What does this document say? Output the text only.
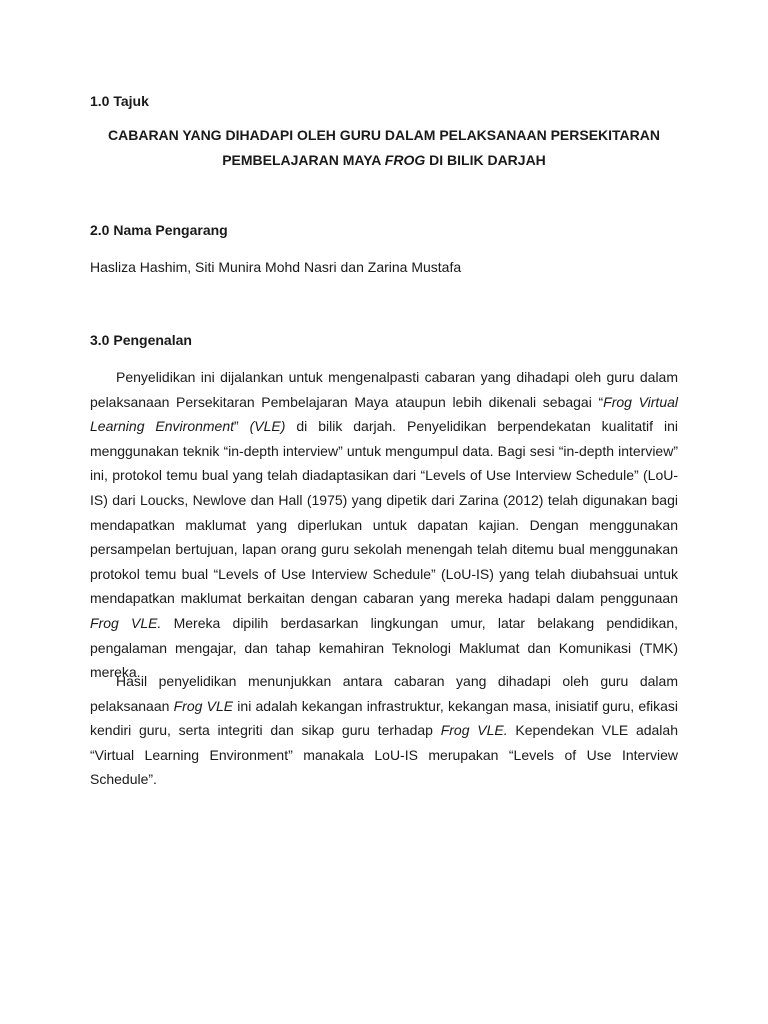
1.0 Tajuk
CABARAN YANG DIHADAPI OLEH GURU DALAM PELAKSANAAN PERSEKITARAN
PEMBELAJARAN MAYA FROG DI BILIK DARJAH
2.0 Nama Pengarang
Hasliza Hashim, Siti Munira Mohd Nasri dan Zarina Mustafa
3.0 Pengenalan
Penyelidikan ini dijalankan untuk mengenalpasti cabaran yang dihadapi oleh guru dalam pelaksanaan Persekitaran Pembelajaran Maya ataupun lebih dikenali sebagai “Frog Virtual Learning Environment” (VLE) di bilik darjah. Penyelidikan berpendekatan kualitatif ini menggunakan teknik “in-depth interview” untuk mengumpul data. Bagi sesi “in-depth interview” ini, protokol temu bual yang telah diadaptasikan dari “Levels of Use Interview Schedule” (LoU-IS) dari Loucks, Newlove dan Hall (1975) yang dipetik dari Zarina (2012) telah digunakan bagi mendapatkan maklumat yang diperlukan untuk dapatan kajian. Dengan menggunakan persampelan bertujuan, lapan orang guru sekolah menengah telah ditemu bual menggunakan protokol temu bual “Levels of Use Interview Schedule” (LoU-IS) yang telah diubahsuai untuk mendapatkan maklumat berkaitan dengan cabaran yang mereka hadapi dalam penggunaan Frog VLE. Mereka dipilih berdasarkan lingkungan umur, latar belakang pendidikan, pengalaman mengajar, dan tahap kemahiran Teknologi Maklumat dan Komunikasi (TMK) mereka.
Hasil penyelidikan menunjukkan antara cabaran yang dihadapi oleh guru dalam pelaksanaan Frog VLE ini adalah kekangan infrastruktur, kekangan masa, inisiatif guru, efikasi kendiri guru, serta integriti dan sikap guru terhadap Frog VLE. Kependekan VLE adalah “Virtual Learning Environment” manakala LoU-IS merupakan “Levels of Use Interview Schedule”.
